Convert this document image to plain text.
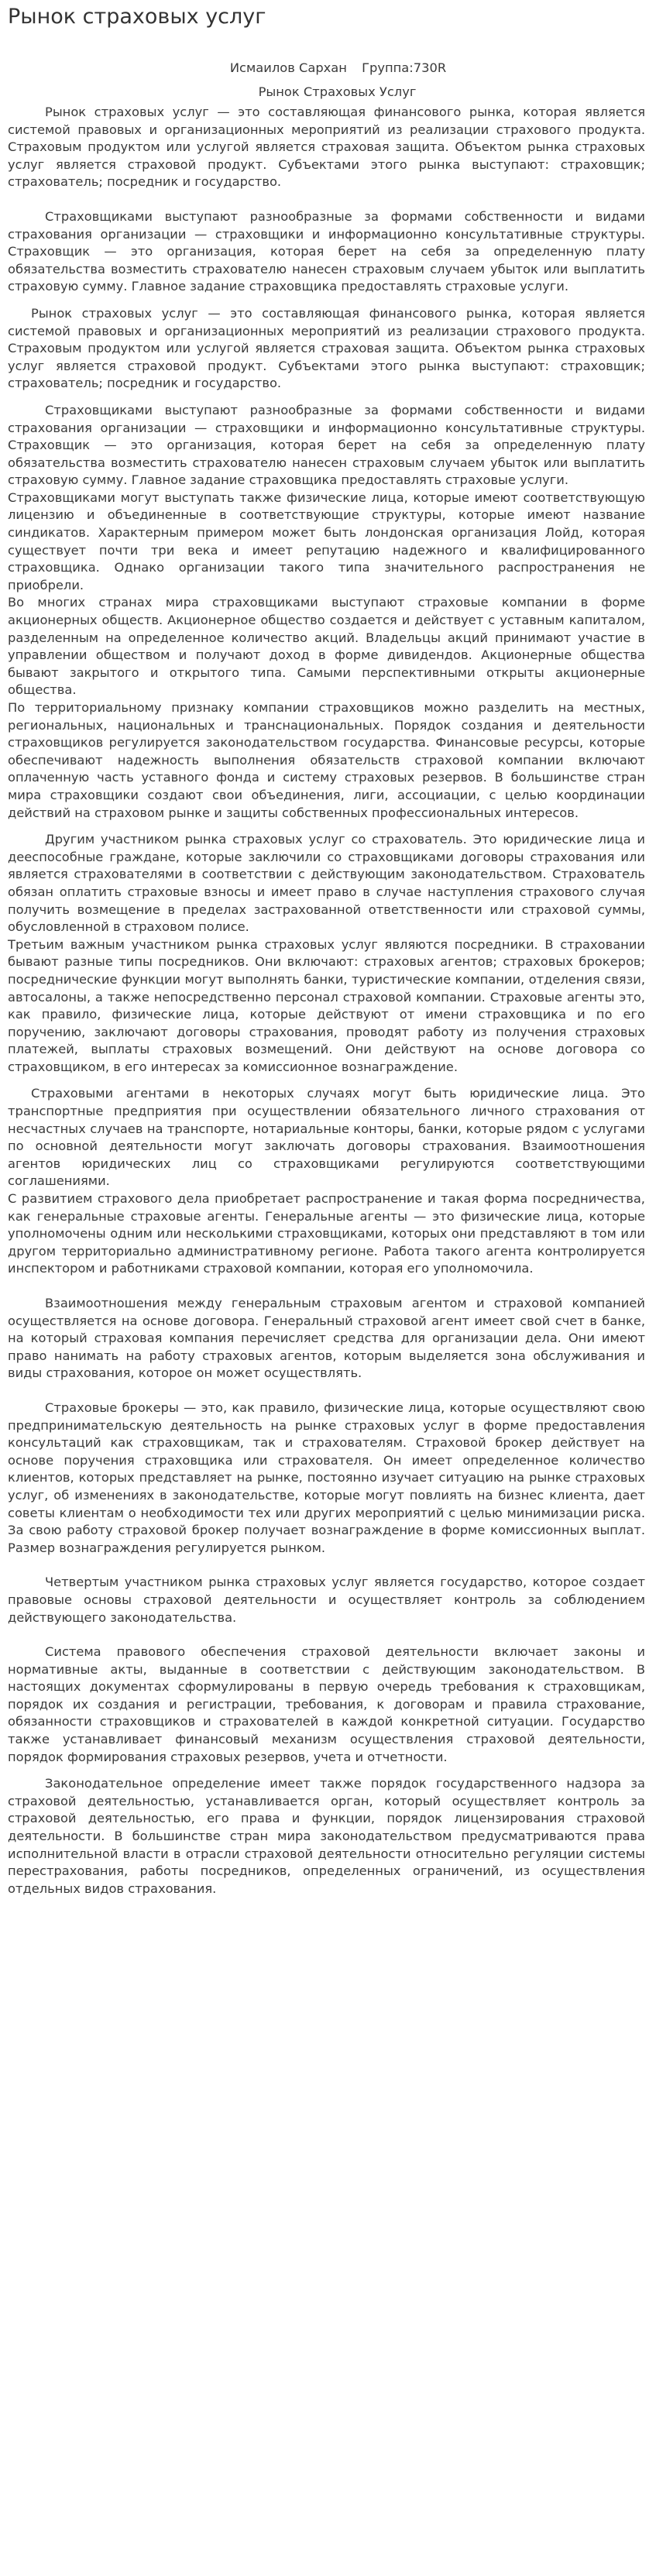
Рынок страховых услуг
Исмаилов Сархан Группа:730R
Рынок Страховых Услуг

Рынок страховых услуг — это составляющая финансового рынка, которая является системой правовых и организационных мероприятий из реализации страхового продукта. Страховым продуктом или услугой является страховая защита. Объектом рынка страховых услуг является страховой продукт. Субъектами этого рынка выступают: страховщик; страхователь; посредник и государство.

Страховщиками выступают разнообразные за формами собственности и видами страхования организации — страховщики и информационно консультативные структуры. Страховщик — это организация, которая берет на себя за определенную плату обязательства возместить страхователю нанесен страховым случаем убыток или выплатить страховую сумму. Главное задание страховщика предоставлять страховые услуги.

Рынок страховых услуг — это составляющая финансового рынка, которая является системой правовых и организационных мероприятий из реализации страхового продукта. Страховым продуктом или услугой является страховая защита. Объектом рынка страховых услуг является страховой продукт. Субъектами этого рынка выступают: страховщик; страхователь; посредник и государство.

Страховщиками выступают разнообразные за формами собственности и видами страхования организации — страховщики и информационно консультативные структуры. Страховщик — это организация, которая берет на себя за определенную плату обязательства возместить страхователю нанесен страховым случаем убыток или выплатить страховую сумму. Главное задание страховщика предоставлять страховые услуги.

Страховщиками могут выступать также физические лица, которые имеют соответствующую лицензию и объединенные в соответствующие структуры, которые имеют название синдикатов. Характерным примером может быть лондонская организация Лойд, которая существует почти три века и имеет репутацию надежного и квалифицированного страховщика. Однако организации такого типа значительного распространения не приобрели.

Во многих странах мира страховщиками выступают страховые компании в форме акционерных обществ. Акционерное общество создается и действует с уставным капиталом, разделенным на определенное количество акций. Владельцы акций принимают участие в управлении обществом и получают доход в форме дивидендов. Акционерные общества бывают закрытого и открытого типа. Самыми перспективными открыты акционерные общества.

По территориальному признаку компании страховщиков можно разделить на местных, региональных, национальных и транснациональных. Порядок создания и деятельности страховщиков регулируется законодательством государства. Финансовые ресурсы, которые обеспечивают надежность выполнения обязательств страховой компании включают оплаченную часть уставного фонда и систему страховых резервов. В большинстве стран мира страховщики создают свои объединения, лиги, ассоциации, с целью координации действий на страховом рынке и защиты собственных профессиональных интересов.

Другим участником рынка страховых услуг со страхователь. Это юридические лица и дееспособные граждане, которые заключили со страховщиками договоры страхования или является страхователями в соответствии с действующим законодательством. Страхователь обязан оплатить страховые взносы и имеет право в случае наступления страхового случая получить возмещение в пределах застрахованной ответственности или страховой суммы, обусловленной в страховом полисе.

Третьим важным участником рынка страховых услуг являются посредники. В страховании бывают разные типы посредников. Они включают: страховых агентов; страховых брокеров; посреднические функции могут выполнять банки, туристические компании, отделения связи, автосалоны, а также непосредственно персонал страховой компании. Страховые агенты это, как правило, физические лица, которые действуют от имени страховщика и по его поручению, заключают договоры страхования, проводят работу из получения страховых платежей, выплаты страховых возмещений. Они действуют на основе договора со страховщиком, в его интересах за комиссионное вознаграждение.

Страховыми агентами в некоторых случаях могут быть юридические лица. Это транспортные предприятия при осуществлении обязательного личного страхования от несчастных случаев на транспорте, нотариальные конторы, банки, которые рядом с услугами по основной деятельности могут заключать договоры страхования. Взаимоотношения агентов юридических лиц со страховщиками регулируются соответствующими соглашениями.

С развитием страхового дела приобретает распространение и такая форма посредничества, как генеральные страховые агенты. Генеральные агенты — это физические лица, которые уполномочены одним или несколькими страховщиками, которых они представляют в том или другом территориально административному регионе. Работа такого агента контролируется инспектором и работниками страховой компании, которая его уполномочила.

Взаимоотношения между генеральным страховым агентом и страховой компанией осуществляется на основе договора. Генеральный страховой агент имеет свой счет в банке, на который страховая компания перечисляет средства для организации дела. Они имеют право нанимать на работу страховых агентов, которым выделяется зона обслуживания и виды страхования, которое он может осуществлять.

Страховые брокеры — это, как правило, физические лица, которые осуществляют свою предпринимательскую деятельность на рынке страховых услуг в форме предоставления консультаций как страховщикам, так и страхователям. Страховой брокер действует на основе поручения страховщика или страхователя. Он имеет определенное количество клиентов, которых представляет на рынке, постоянно изучает ситуацию на рынке страховых услуг, об изменениях в законодательстве, которые могут повлиять на бизнес клиента, дает советы клиентам о необходимости тех или других мероприятий с целью минимизации риска. За свою работу страховой брокер получает вознаграждение в форме комиссионных выплат. Размер вознаграждения регулируется рынком.

Четвертым участником рынка страховых услуг является государство, которое создает правовые основы страховой деятельности и осуществляет контроль за соблюдением действующего законодательства.

Система правового обеспечения страховой деятельности включает законы и нормативные акты, выданные в соответствии с действующим законодательством. В настоящих документах сформулированы в первую очередь требования к страховщикам, порядок их создания и регистрации, требования, к договорам и правила страхование, обязанности страховщиков и страхователей в каждой конкретной ситуации. Государство также устанавливает финансовый механизм осуществления страховой деятельности, порядок формирования страховых резервов, учета и отчетности.

Законодательное определение имеет также порядок государственного надзора за страховой деятельностью, устанавливается орган, который осуществляет контроль за страховой деятельностью, его права и функции, порядок лицензирования страховой деятельности. В большинстве стран мира законодательством предусматриваются права исполнительной власти в отрасли страховой деятельности относительно регуляции системы перестрахования, работы посредников, определенных ограничений, из осуществления отдельных видов страхования.
